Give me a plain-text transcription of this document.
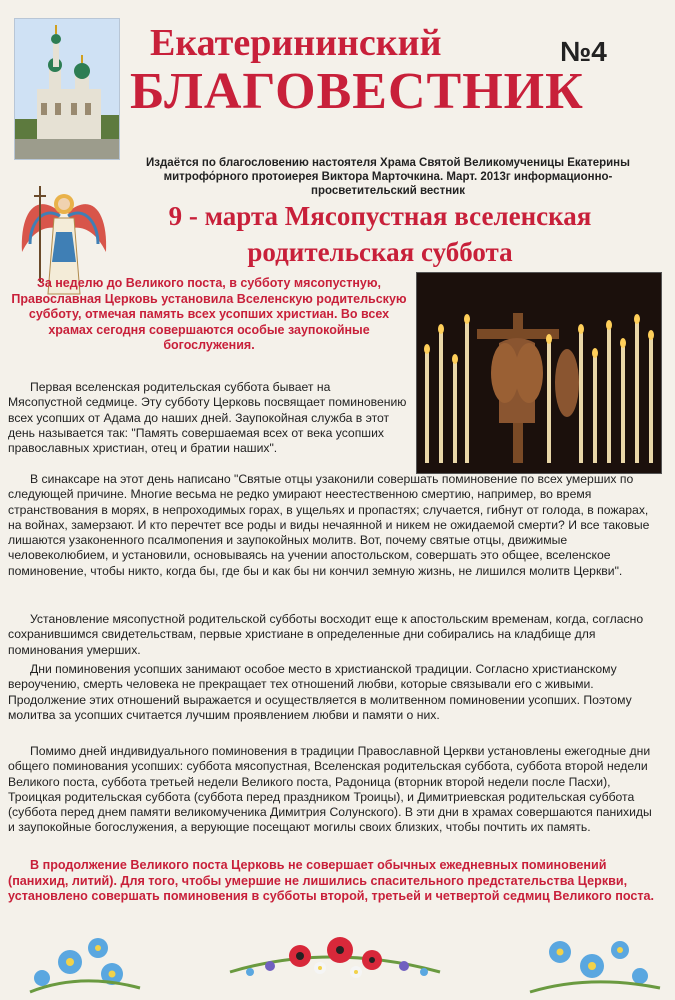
Екатерининский
БЛАГОВЕСТНИК
№4
Издаётся по благословению настоятеля Храма Святой Великомученицы Екатерины митрофо́рного протоиерея Виктора Марточкина. Март. 2013г информациoнно-просветительский вестник
9 - марта Мясопустная вселенская родительская суббота
За неделю до Великого поста, в субботу мясопустную, Православная Церковь установила Вселенскую родительскую субботу, отмечая память всех усопших христиан. Во всех храмах сегодня совершаются особые заупокойные богослужения.

Первая вселенская родительская суббота бывает на Мясопустной седмице. Эту субботу Церковь посвящает поминовению всех усопших от Адама до наших дней. Заупокойная служба в этот день называется так: "Память совершаемая всех от века усопших православных христиан, отец и братии наших".

В синаксаре на этот день написано "Святые отцы узаконили совершать поминовение по всех умерших по следующей причине. Многие весьма не редко умирают неестественною смертию, например, во время странствования в морях, в непроходимых горах, в ущельях и пропастях; случается, гибнут от голода, в пожарах, на войнах, замерзают. И кто перечтет все роды и виды нечаянной и никем не ожидаемой смерти? И все таковые лишаются узаконенного псалмопения и заупокойных молитв. Вот, почему святые отцы, движимые человеколюбием, и установили, основываясь на учении апостольском, совершать это общее, вселенское поминовение, чтобы никто, когда бы, где бы и как бы ни кончил земную жизнь, не лишился молитв Церкви".

Установление мясопустной родительской субботы восходит еще к апостольским временам, когда, согласно сохранившимся свидетельствам, первые христиане в определенные дни собирались на кладбище для поминования умерших.

Дни поминовения усопших занимают особое место в христианской традиции. Согласно христианскому вероучению, смерть человека не прекращает тех отношений любви, которые связывали его с живыми. Продолжение этих отношений выражается и осуществляется в молитвенном поминовении усопших. Поэтому молитва за усопших считается лучшим проявлением любви и памяти о них.

Помимо дней индивидуального поминовения в традиции Православной Церкви установлены ежегодные дни общего поминования усопших: суббота мясопустная, Вселенская родительская суббота, суббота второй недели Великого поста, суббота третьей недели Великого поста, Радоница (вторник второй недели после Пасхи), Троицкая родительская суббота (суббота перед праздником Троицы), и Димитриевская родительская суббота (суббота перед днем памяти великомученика Димитрия Солунского). В эти дни в храмах совершаются панихиды и заупокойные богослужения, а верующие посещают могилы своих близких, чтобы почтить их память.

В продолжение Великого поста Церковь не совершает обычных ежедневных поминовений (панихид, литий). Для того, чтобы умершие не лишились спасительного предстательства Церкви, установлено совершать поминовения в субботы второй, третьей и четвертой седмиц Великого поста.
